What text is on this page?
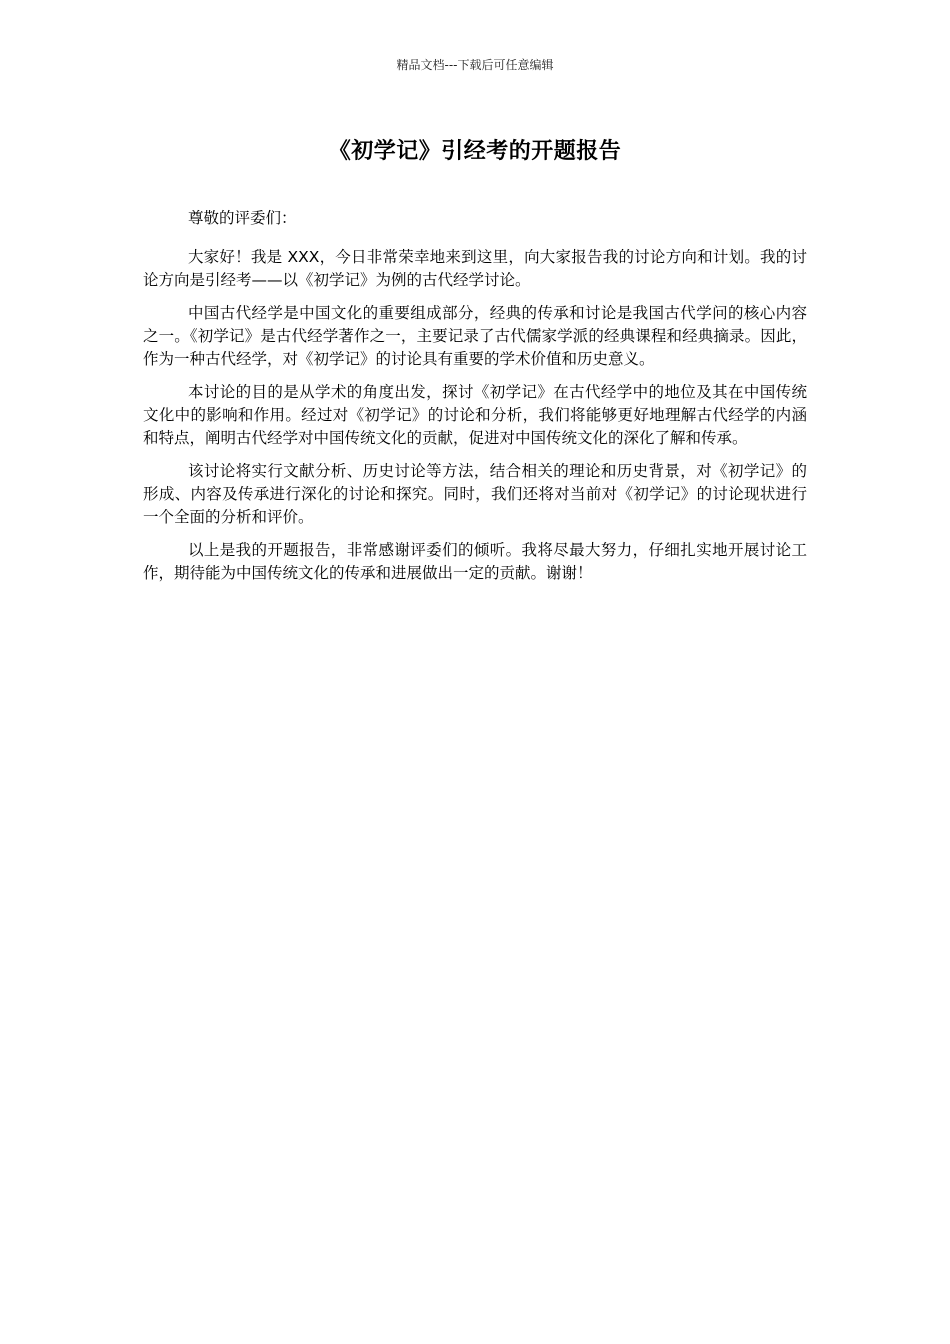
精品文档---下载后可任意编辑
《初学记》引经考的开题报告

尊敬的评委们：

大家好！我是 XXX，今日非常荣幸地来到这里，向大家报告我的讨论方向和计划。我的讨论方向是引经考——以《初学记》为例的古代经学讨论。

中国古代经学是中国文化的重要组成部分，经典的传承和讨论是我国古代学问的核心内容之一。《初学记》是古代经学著作之一，主要记录了古代儒家学派的经典课程和经典摘录。因此，作为一种古代经学，对《初学记》的讨论具有重要的学术价值和历史意义。

本讨论的目的是从学术的角度出发，探讨《初学记》在古代经学中的地位及其在中国传统文化中的影响和作用。经过对《初学记》的讨论和分析，我们将能够更好地理解古代经学的内涵和特点，阐明古代经学对中国传统文化的贡献，促进对中国传统文化的深化了解和传承。

该讨论将实行文献分析、历史讨论等方法，结合相关的理论和历史背景，对《初学记》的形成、内容及传承进行深化的讨论和探究。同时，我们还将对当前对《初学记》的讨论现状进行一个全面的分析和评价。

以上是我的开题报告，非常感谢评委们的倾听。我将尽最大努力，仔细扎实地开展讨论工作，期待能为中国传统文化的传承和进展做出一定的贡献。谢谢！
